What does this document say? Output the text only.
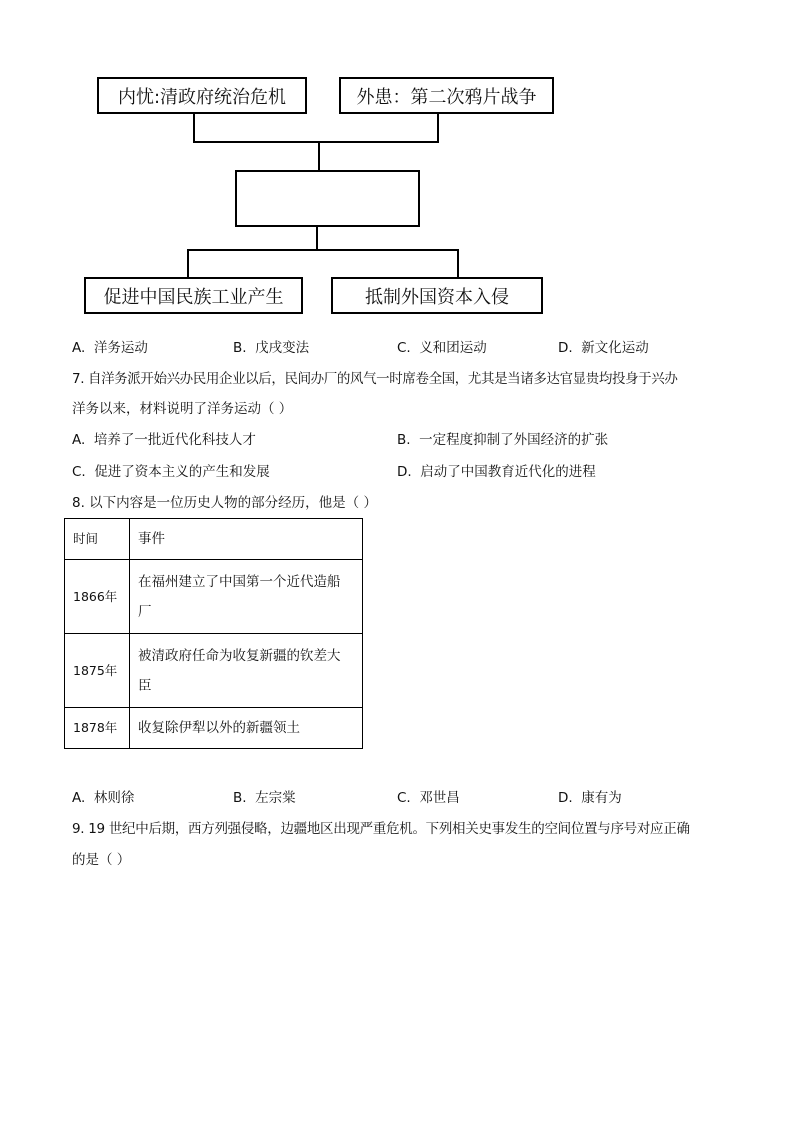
内忧:清政府统治危机	外患：第二次鸦片战争
促进中国民族工业产生	抵制外国资本入侵
A. 洋务运动	B. 戊戌变法	C. 义和团运动	D. 新文化运动
7. 自洋务派开始兴办民用企业以后，民间办厂的风气一时席卷全国，尤其是当诸多达官显贵均投身于兴办
洋务以来，材料说明了洋务运动（ ）
A. 培养了一批近代化科技人才	B. 一定程度抑制了外国经济的扩张
C. 促进了资本主义的产生和发展	D. 启动了中国教育近代化的进程
8. 以下内容是一位历史人物的部分经历，他是（ ）
时间	事件
1866年	在福州建立了中国第一个近代造船
厂

1875年	被清政府任命为收复新疆的钦差大
臣

1878年	收复除伊犁以外的新疆领土
A. 林则徐	B. 左宗棠	C. 邓世昌	D. 康有为
9. 19 世纪中后期，西方列强侵略，边疆地区出现严重危机。下列相关史事发生的空间位置与序号对应正确
的是（ ）
